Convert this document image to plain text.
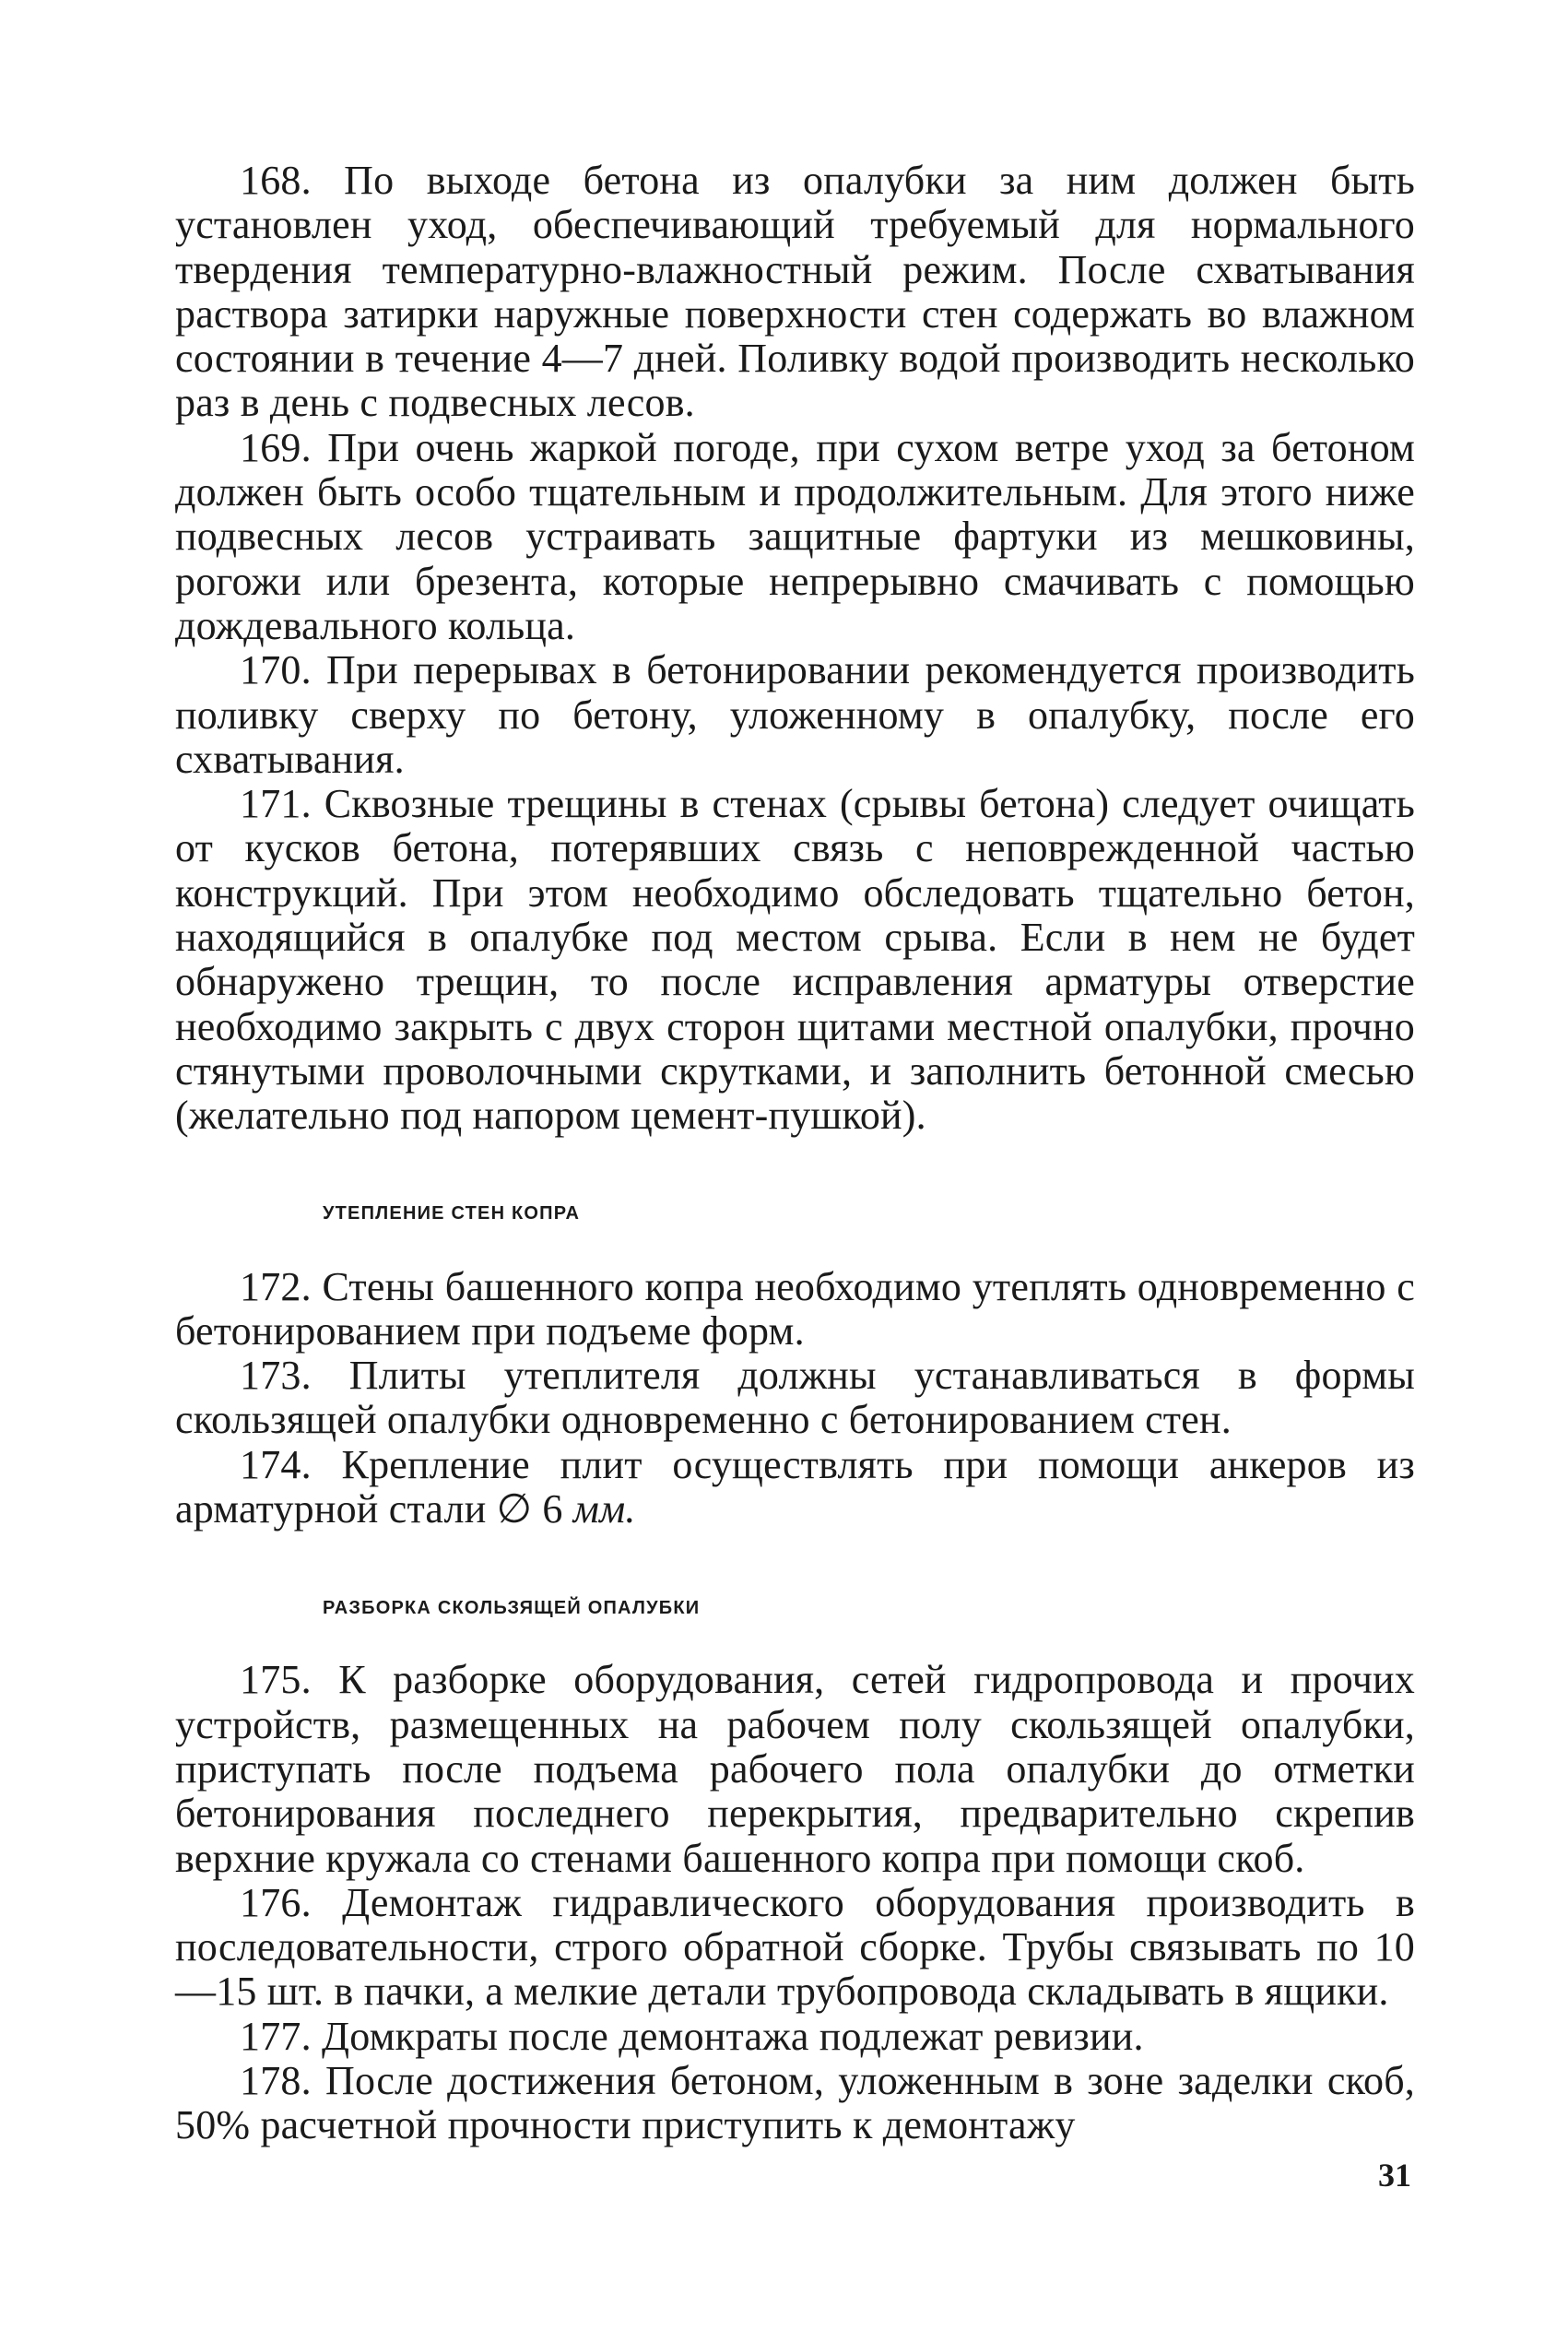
168. По выходе бетона из опалубки за ним должен быть установлен уход, обеспечивающий требуемый для нормального твердения температурно-влажностный режим. После схватывания раствора затирки наружные поверхности стен содержать во влажном состоянии в течение 4—7 дней. Поливку водой производить несколько раз в день с подвесных лесов.

169. При очень жаркой погоде, при сухом ветре уход за бетоном должен быть особо тщательным и продолжительным. Для этого ниже подвесных лесов устраивать защитные фартуки из мешковины, рогожи или брезента, которые непрерывно смачивать с помощью дождевального кольца.

170. При перерывах в бетонировании рекомендуется производить поливку сверху по бетону, уложенному в опалубку, после его схватывания.

171. Сквозные трещины в стенах (срывы бетона) следует очищать от кусков бетона, потерявших связь с неповрежденной частью конструкций. При этом необходимо обследовать тщательно бетон, находящийся в опалубке под местом срыва. Если в нем не будет обнаружено трещин, то после исправления арматуры отверстие необходимо закрыть с двух сторон щитами местной опалубки, прочно стянутыми проволочными скрутками, и заполнить бетонной смесью (желательно под напором цемент-пушкой).

УТЕПЛЕНИЕ СТЕН КОПРА

172. Стены башенного копра необходимо утеплять одновременно с бетонированием при подъеме форм.

173. Плиты утеплителя должны устанавливаться в формы скользящей опалубки одновременно с бетонированием стен.

174. Крепление плит осуществлять при помощи анкеров из арматурной стали ∅ 6 мм.

РАЗБОРКА СКОЛЬЗЯЩЕЙ ОПАЛУБКИ

175. К разборке оборудования, сетей гидропровода и прочих устройств, размещенных на рабочем полу скользящей опалубки, приступать после подъема рабочего пола опалубки до отметки бетонирования последнего перекрытия, предварительно скрепив верхние кружала со стенами башенного копра при помощи скоб.

176. Демонтаж гидравлического оборудования производить в последовательности, строго обратной сборке. Трубы связывать по 10—15 шт. в пачки, а мелкие детали трубопровода складывать в ящики.

177. Домкраты после демонтажа подлежат ревизии.

178. После достижения бетоном, уложенным в зоне заделки скоб, 50% расчетной прочности приступить к демонтажу

31
